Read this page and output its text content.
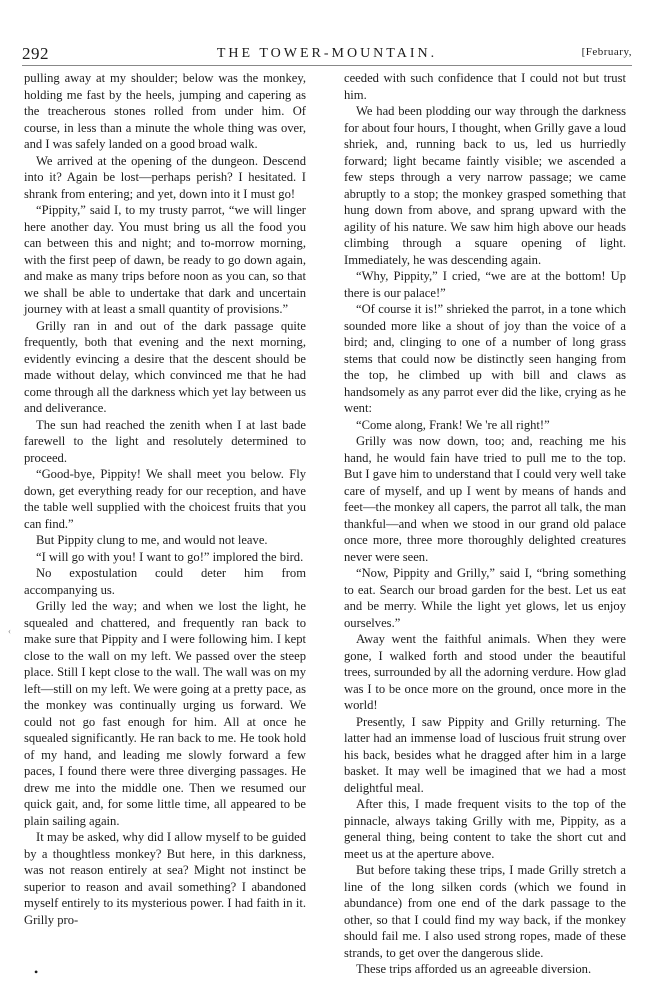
292	THE TOWER-MOUNTAIN.	[February,

pulling away at my shoulder; below was the monkey, holding me fast by the heels, jumping and capering as the treacherous stones rolled from under him. Of course, in less than a minute the whole thing was over, and I was safely landed on a good broad walk.

We arrived at the opening of the dungeon. Descend into it? Again be lost—perhaps perish? I hesitated. I shrank from entering; and yet, down into it I must go!

“Pippity,” said I, to my trusty parrot, “we will linger here another day. You must bring us all the food you can between this and night; and to-morrow morning, with the first peep of dawn, be ready to go down again, and make as many trips before noon as you can, so that we shall be able to undertake that dark and uncertain journey with at least a small quantity of provisions.”

Grilly ran in and out of the dark passage quite frequently, both that evening and the next morning, evidently evincing a desire that the descent should be made without delay, which convinced me that he had come through all the darkness which yet lay between us and deliverance.

The sun had reached the zenith when I at last bade farewell to the light and resolutely determined to proceed.

“Good-bye, Pippity! We shall meet you below. Fly down, get everything ready for our reception, and have the table well supplied with the choicest fruits that you can find.”

But Pippity clung to me, and would not leave.

“I will go with you! I want to go!” implored the bird.

No expostulation could deter him from accompanying us.

Grilly led the way; and when we lost the light, he squealed and chattered, and frequently ran back to make sure that Pippity and I were following him. I kept close to the wall on my left. We passed over the steep place. Still I kept close to the wall. The wall was on my left—still on my left. We were going at a pretty pace, as the monkey was continually urging us forward. We could not go fast enough for him. All at once he squealed significantly. He ran back to me. He took hold of my hand, and leading me slowly forward a few paces, I found there were three diverging passages. He drew me into the middle one. Then we resumed our quick gait, and, for some little time, all appeared to be plain sailing again.

It may be asked, why did I allow myself to be guided by a thoughtless monkey? But here, in this darkness, was not reason entirely at sea? Might not instinct be superior to reason and avail something? I abandoned myself entirely to its mysterious power. I had faith in it. Grilly pro-

ceeded with such confidence that I could not but trust him.

We had been plodding our way through the darkness for about four hours, I thought, when Grilly gave a loud shriek, and, running back to us, led us hurriedly forward; light became faintly visible; we ascended a few steps through a very narrow passage; we came abruptly to a stop; the monkey grasped something that hung down from above, and sprang upward with the agility of his nature. We saw him high above our heads climbing through a square opening of light. Immediately, he was descending again.

“Why, Pippity,” I cried, “we are at the bottom! Up there is our palace!”

“Of course it is!” shrieked the parrot, in a tone which sounded more like a shout of joy than the voice of a bird; and, clinging to one of a number of long grass stems that could now be distinctly seen hanging from the top, he climbed up with bill and claws as handsomely as any parrot ever did the like, crying as he went:

“Come along, Frank! We 're all right!”

Grilly was now down, too; and, reaching me his hand, he would fain have tried to pull me to the top. But I gave him to understand that I could very well take care of myself, and up I went by means of hands and feet—the monkey all capers, the parrot all talk, the man thankful—and when we stood in our grand old palace once more, three more thoroughly delighted creatures never were seen.

“Now, Pippity and Grilly,” said I, “bring something to eat. Search our broad garden for the best. Let us eat and be merry. While the light yet glows, let us enjoy ourselves.”

Away went the faithful animals. When they were gone, I walked forth and stood under the beautiful trees, surrounded by all the adorning verdure. How glad was I to be once more on the ground, once more in the world!

Presently, I saw Pippity and Grilly returning. The latter had an immense load of luscious fruit strung over his back, besides what he dragged after him in a large basket. It may well be imagined that we had a most delightful meal.

After this, I made frequent visits to the top of the pinnacle, always taking Grilly with me, Pippity, as a general thing, being content to take the short cut and meet us at the aperture above.

But before taking these trips, I made Grilly stretch a line of the long silken cords (which we found in abundance) from one end of the dark passage to the other, so that I could find my way back, if the monkey should fail me. I also used strong ropes, made of these strands, to get over the dangerous slide.

These trips afforded us an agreeable diversion.

‹
•
